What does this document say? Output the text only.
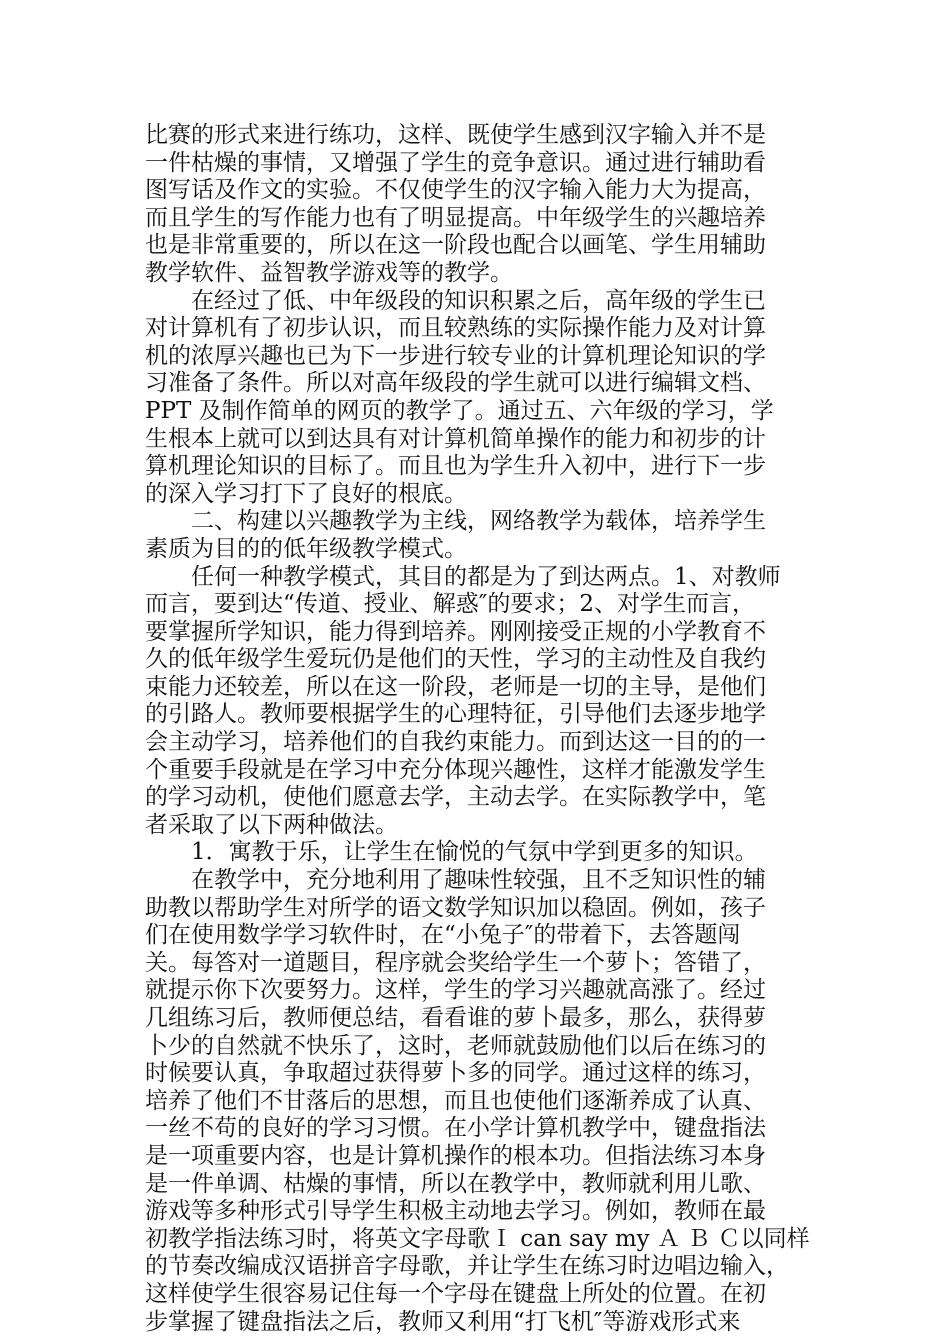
比赛的形式来进行练功，这样、既使学生感到汉字输入并不是
一件枯燥的事情，又增强了学生的竞争意识。通过进行辅助看
图写话及作文的实验。不仅使学生的汉字输入能力大为提高，
而且学生的写作能力也有了明显提高。中年级学生的兴趣培养
也是非常重要的，所以在这一阶段也配合以画笔、学生用辅助
教学软件、益智教学游戏等的教学。
在经过了低、中年级段的知识积累之后，高年级的学生已
对计算机有了初步认识，而且较熟练的实际操作能力及对计算
机的浓厚兴趣也已为下一步进行较专业的计算机理论知识的学
习准备了条件。所以对高年级段的学生就可以进行编辑文档、
PPT 及制作简单的网页的教学了。通过五、六年级的学习，学
生根本上就可以到达具有对计算机简单操作的能力和初步的计
算机理论知识的目标了。而且也为学生升入初中，进行下一步
的深入学习打下了良好的根底。
二、构建以兴趣教学为主线，网络教学为载体，培养学生
素质为目的的低年级教学模式。
任何一种教学模式，其目的都是为了到达两点。1、对教师
而言，要到达“传道、授业、解惑″的要求；2、对学生而言，
要掌握所学知识，能力得到培养。刚刚接受正规的小学教育不
久的低年级学生爱玩仍是他们的天性，学习的主动性及自我约
束能力还较差，所以在这一阶段，老师是一切的主导，是他们
的引路人。教师要根据学生的心理特征，引导他们去逐步地学
会主动学习，培养他们的自我约束能力。而到达这一目的的一
个重要手段就是在学习中充分体现兴趣性，这样才能激发学生
的学习动机，使他们愿意去学，主动去学。在实际教学中，笔
者采取了以下两种做法。
1．寓教于乐，让学生在愉悦的气氛中学到更多的知识。
在教学中，充分地利用了趣味性较强，且不乏知识性的辅
助教以帮助学生对所学的语文数学知识加以稳固。例如，孩子
们在使用数学学习软件时，在“小兔子″的带着下，去答题闯
关。每答对一道题目，程序就会奖给学生一个萝卜；答错了，
就提示你下次要努力。这样，学生的学习兴趣就高涨了。经过
几组练习后，教师便总结，看看谁的萝卜最多，那么，获得萝
卜少的自然就不快乐了，这时，老师就鼓励他们以后在练习的
时候要认真，争取超过获得萝卜多的同学。通过这样的练习，
培养了他们不甘落后的思想，而且也使他们逐渐养成了认真、
一丝不苟的良好的学习习惯。在小学计算机教学中，键盘指法
是一项重要内容，也是计算机操作的根本功。但指法练习本身
是一件单调、枯燥的事情，所以在教学中，教师就利用儿歌、
游戏等多种形式引导学生积极主动地去学习。例如，教师在最
初教学指法练习时，将英文字母歌Ｉ can say my Ａ Ｂ Ｃ以同样
的节奏改编成汉语拼音字母歌，并让学生在练习时边唱边输入，
这样使学生很容易记住每一个字母在键盘上所处的位置。在初
步掌握了键盘指法之后，教师又利用“打飞机″等游戏形式来
